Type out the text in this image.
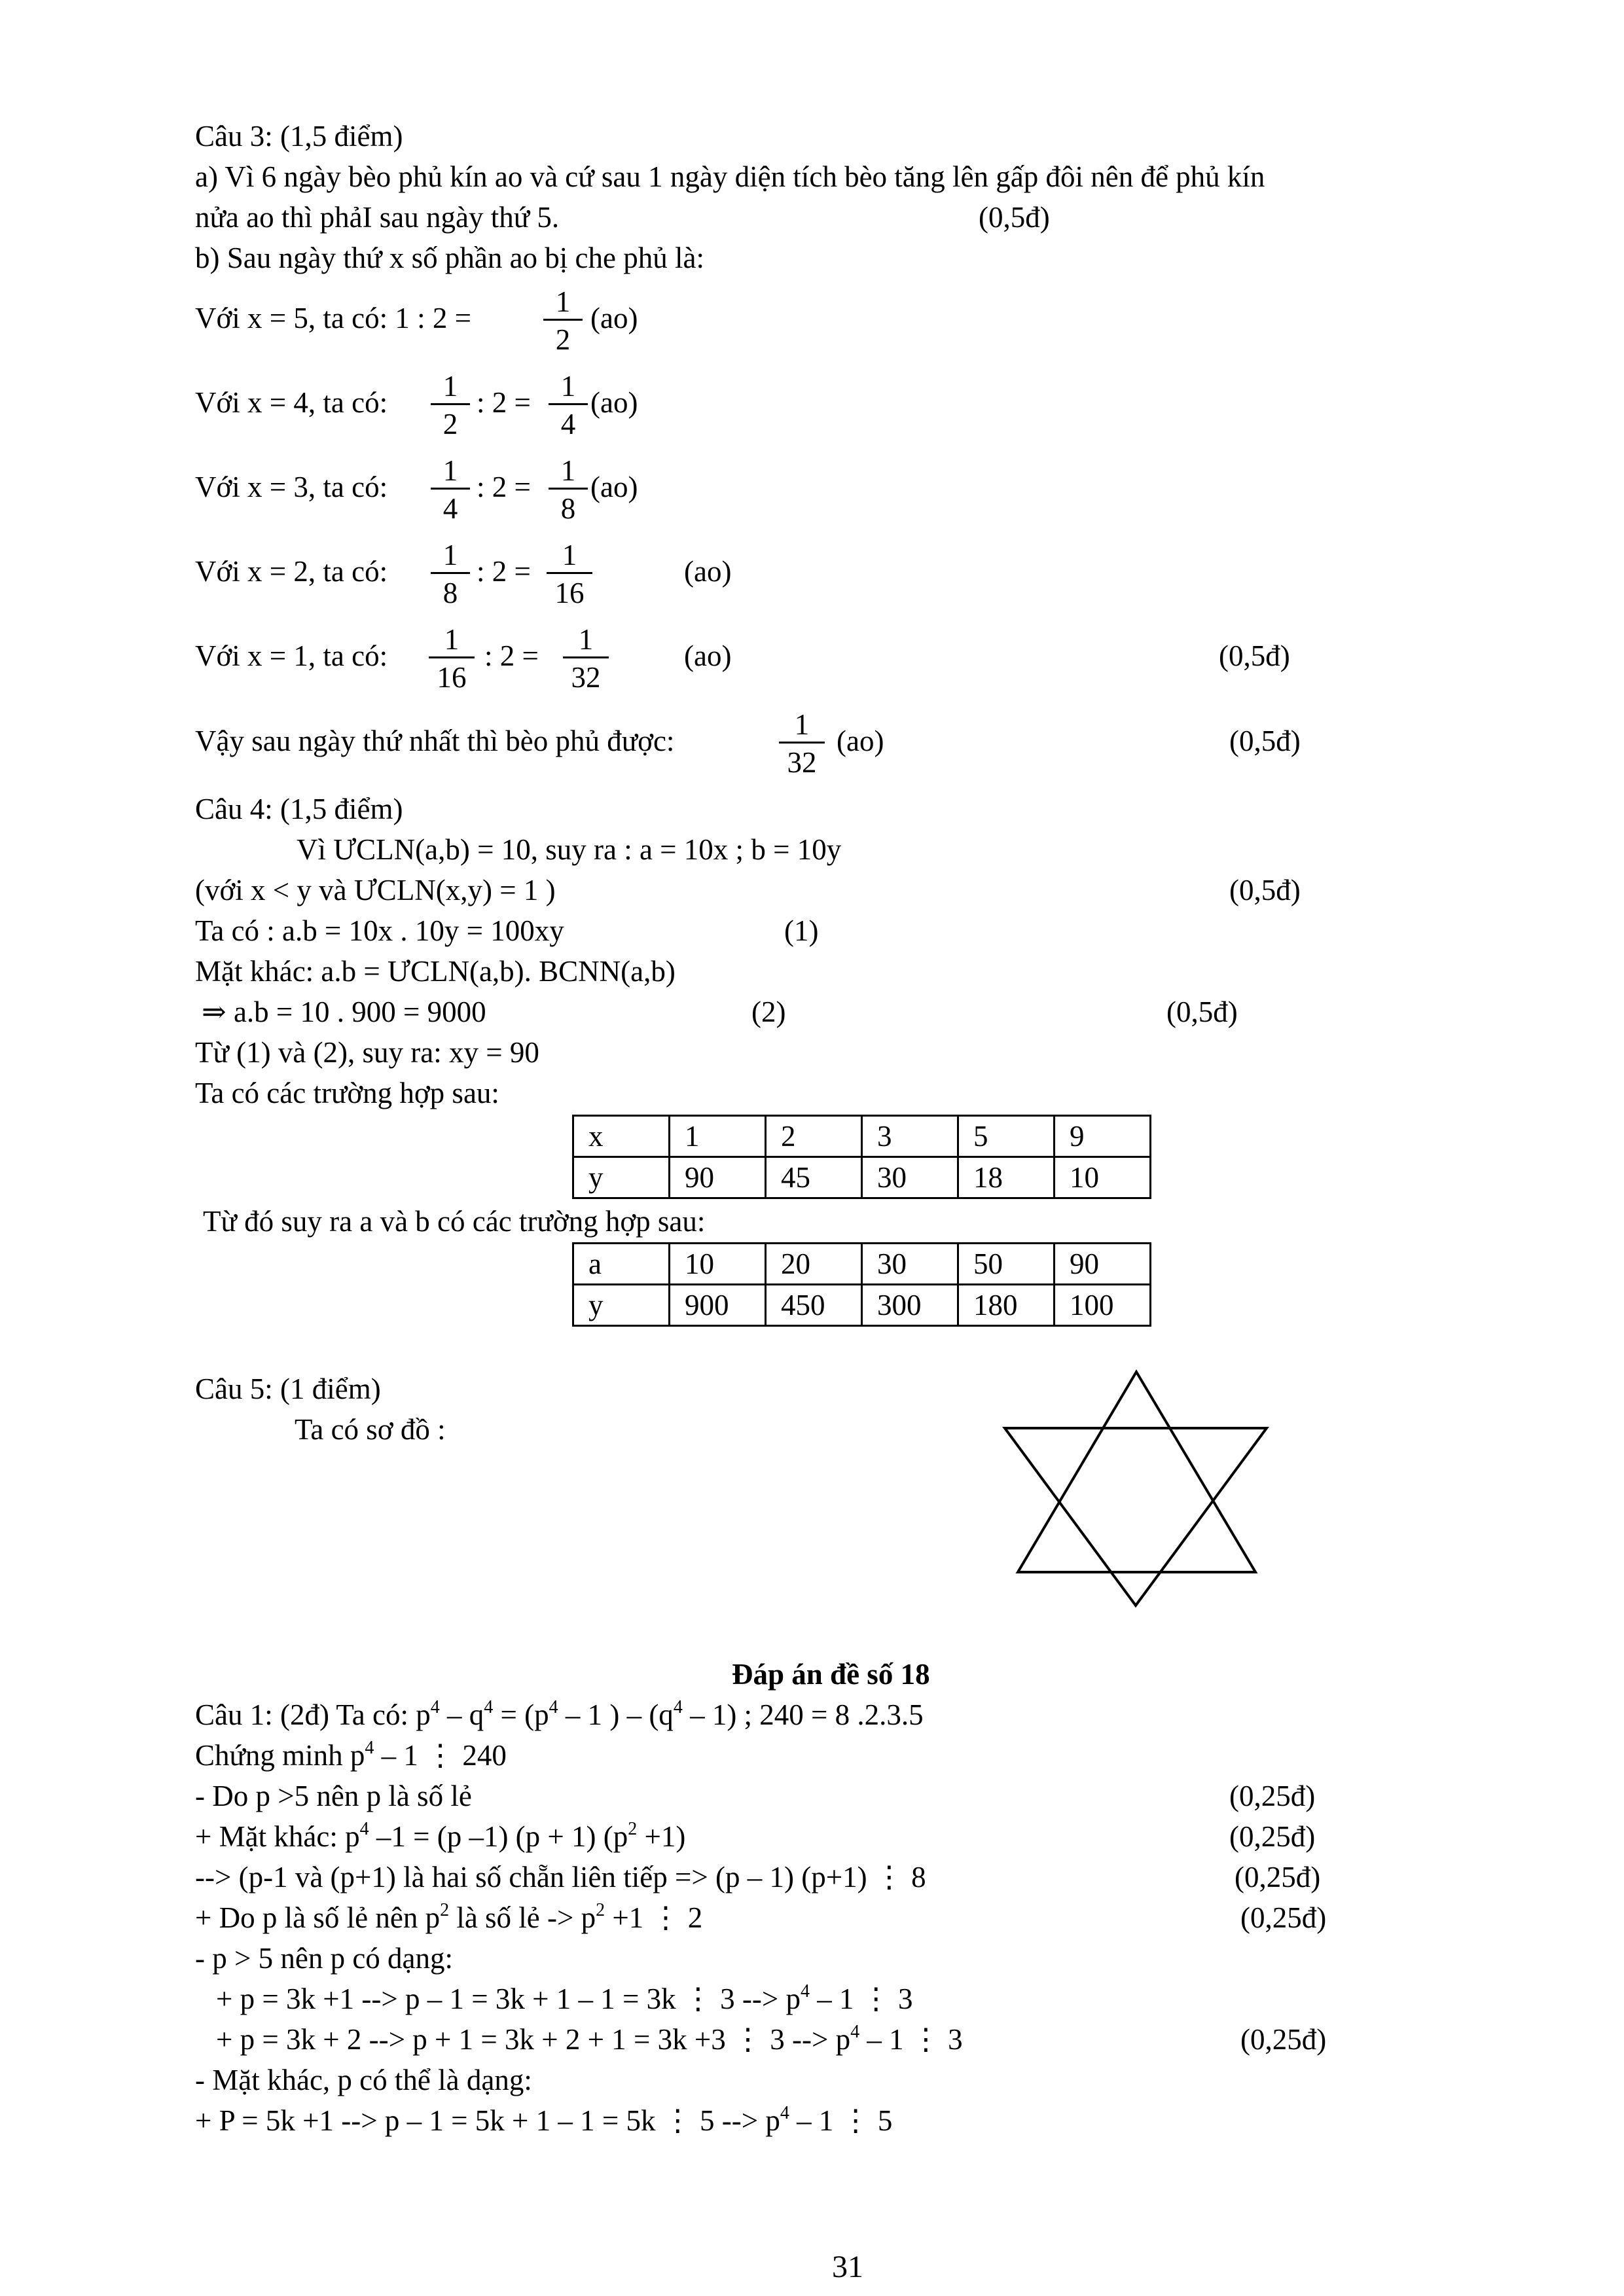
Câu 3: (1,5 điểm)
a) Vì 6 ngày bèo phủ kín ao và cứ sau 1 ngày diện tích bèo tăng lên gấp đôi nên để phủ kín
nửa ao thì phảI sau ngày thứ 5.	(0,5đ)
b) Sau ngày thứ x số phần ao bị che phủ là:
Với x = 5, ta có: 1 : 2 =	1
2
(ao)
Với x = 4, ta có:	1
2
: 2 =	1
4
(ao)
Với x = 3, ta có:	1
4
: 2 =	1
8
(ao)
Với x = 2, ta có:	1
8
: 2 =	1
16
(ao)
Với x = 1, ta có:	1
16
: 2 =	1
32
(ao)	(0,5đ)
Vậy sau ngày thứ nhất thì bèo phủ được:	1
32
(ao)	(0,5đ)
Câu 4: (1,5 điểm)
Vì ƯCLN(a,b) = 10, suy ra : a = 10x ; b = 10y
(với x < y và ƯCLN(x,y) = 1 )	(0,5đ)
Ta có : a.b = 10x . 10y = 100xy	(1)
Mặt khác: a.b = ƯCLN(a,b). BCNN(a,b)
⇒ a.b = 10 . 900 = 9000	(2)	(0,5đ)
Từ (1) và (2), suy ra: xy = 90
Ta có các trường hợp sau:
x	1	2	3	5	9
y	90	45	30	18	10
Từ đó suy ra a và b có các trường hợp sau:
a	10	20	30	50	90
y	900	450	300	180	100
Câu 5: (1 điểm)
Ta có sơ đồ :
Đáp án đề số 18
Câu 1: (2đ) Ta có: $p^4 - q^4 = (p^4 - 1$ ) – $(q^4 - 1)$ ; 240 = 8 .2.3.5
Chứng minh $p^4 - 1$ ⋮ 240
- Do p >5 nên p là số lẻ	(0,25đ)
+ Mặt khác: $p^4$ –1 = (p –1) (p + 1) $(p^2 +1)$	(0,25đ)
--> (p-1 và (p+1) là hai số chẵn liên tiếp => (p – 1) (p+1) ⋮ 8	(0,25đ)
+ Do p là số lẻ nên $p^2$ là số lẻ -> $p^2 +1$ ⋮ 2	(0,25đ)
- p > 5 nên p có dạng:
+ p = 3k +1 --> p – 1 = 3k + 1 – 1 = 3k ⋮ 3 --> $p^4 - 1$ ⋮ 3
+ p = 3k + 2 --> p + 1 = 3k + 2 + 1 = 3k +3 ⋮ 3 --> $p^4 - 1$ ⋮ 3	(0,25đ)
- Mặt khác, p có thể là dạng:
+ P = 5k +1 --> p – 1 = 5k + 1 – 1 = 5k ⋮ 5 --> $p^4 - 1$ ⋮ 5
31
